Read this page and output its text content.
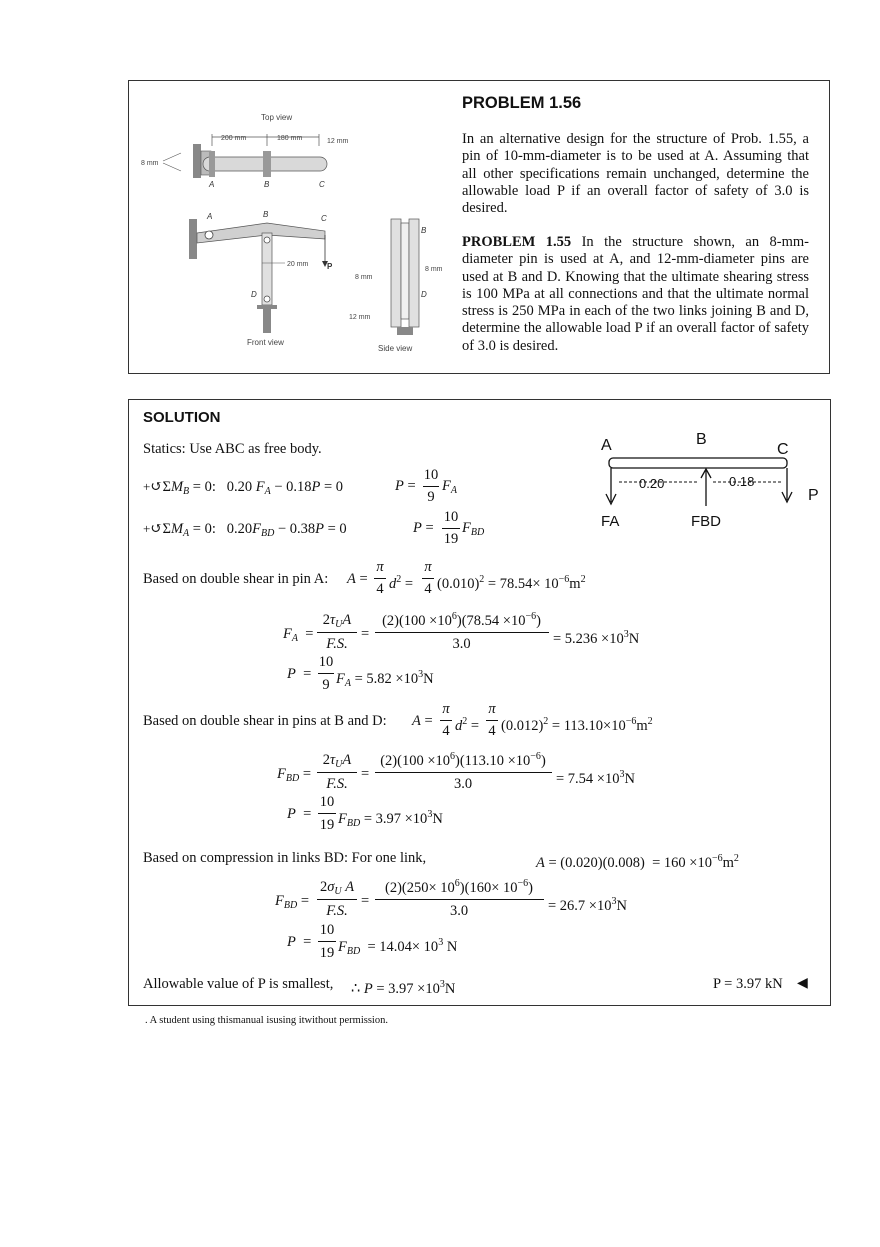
Top view
200 mm	180 mm	12 mm
8 mm
A	B	C
A	B	C
D
P
20 mm
Front view
B
D
8 mm
8 mm
12 mm
Side view
PROBLEM 1.56
In an alternative design for the structure of Prob. 1.55, a pin of 10-mm-diameter is to be used at A. Assuming that all other specifications remain unchanged, determine the allowable load P if an overall factor of safety of 3.0 is desired.
PROBLEM 1.55 In the structure shown, an 8-mm-diameter pin is used at A, and 12-mm-diameter pins are used at B and D. Knowing that the ultimate shearing stress is 100 MPa at all connections and that the ultimate normal stress is 250 MPa in each of the two links joining B and D, determine the allowable load P if an overall factor of safety of 3.0 is desired.
SOLUTION
Statics: Use ABC as free body.	A	B
C
0.20	0.18
P
FA	FBD
$+↺\Sigma M_B = 0$:   0.20 $F_A - 0.18P = 0$	P =
10
9
$F_A$
$+↺\Sigma M_A = 0$:   $0.20F_{BD} - 0.38P = 0$	P =
10
19
$F_{BD}$
Based on double shear in pin A: A =
π
4 $d^2$ =
π
4 $(0.010)^2 = 78.54\times 10^{-6}m^2$
$F_A$  =
$2\tau_UA$
F.S.
=
$(2)(100 \times 10^6)(78.54 \times 10^{-6})$
3.0	= $5.236 \times 10^3N$
P  =
10
9 $F_A = 5.82 \times 10^3N$
Based on double shear in pins at B and D: A =
π
4 $d^2$ =
π
4 $(0.012)^2 = 113.10\times 10^{-6}m^2$
$F_{BD}$ =
$2\tau_UA$
F.S.
=
$(2)(100 \times 10^6)(113.10 \times 10^{-6})$
3.0	= $7.54 \times 10^3N$
P  =
10
19 $F_{BD} = 3.97 \times 10^3N$
Based on compression in links BD: For one link,	$A = (0.020)(0.008) = 160 \times 10^{-6}m^2$
$F_{BD}$ =
$2\sigma_U$ A
F.S.
=
$(2)(250\times 10^6)(160\times 10^{-6})$
3.0	= $26.7 \times 10^3N$
P  =
10
19 $F_{BD} = 14.04\times 10^3$ N
Allowable value of P is smallest, ∴ $P = 3.97 \times 10^3N$	P = 3.97 kN ◀
. A student using thismanual isusing itwithout permission.
